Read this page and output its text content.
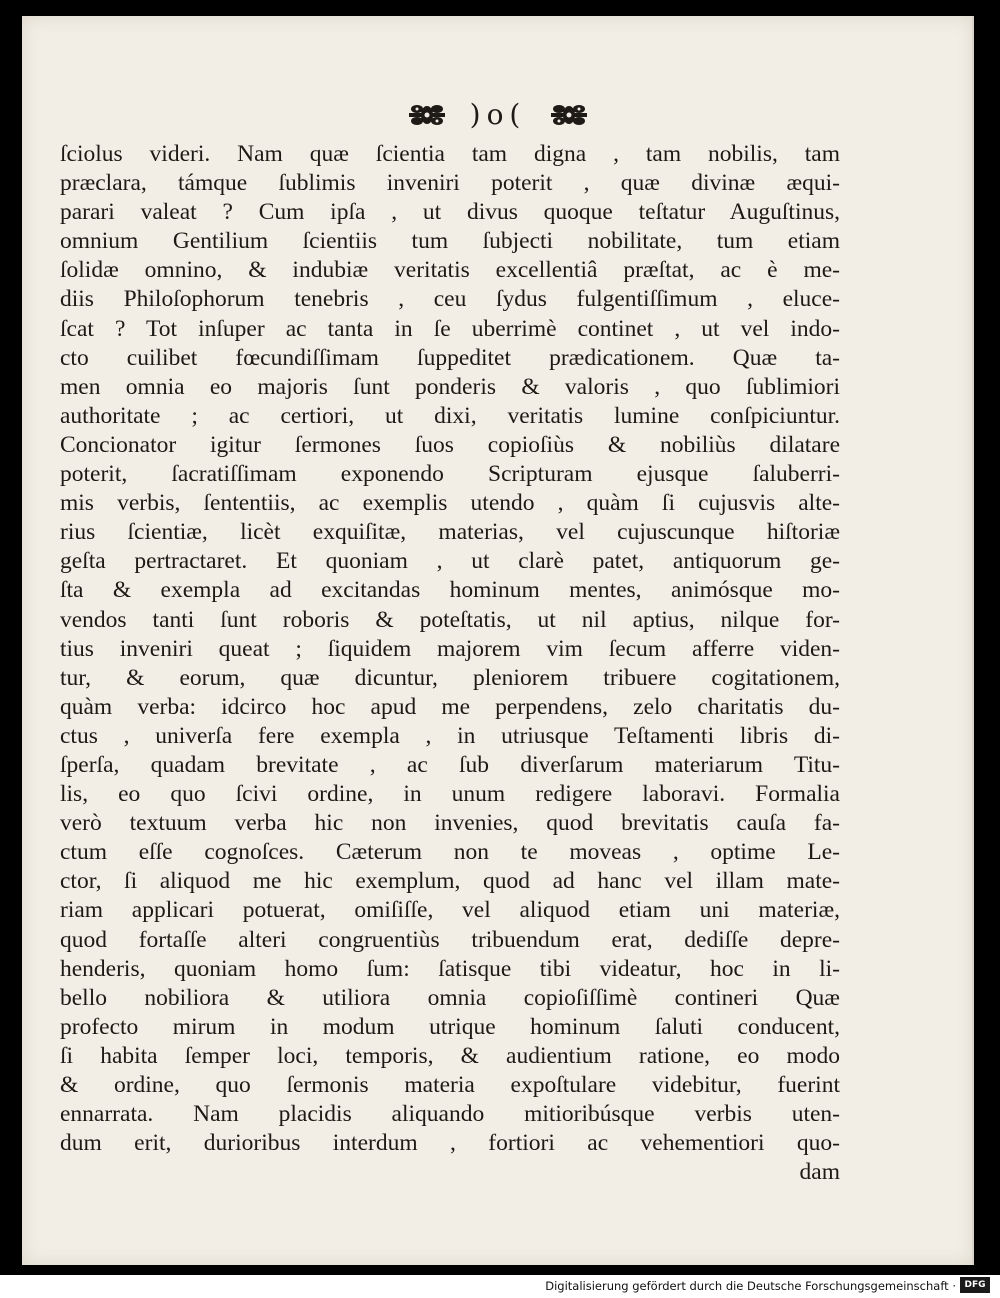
)o(
ſciolus videri. Nam quæ ſcientia tam digna , tam nobilis, tam
præclara, támque ſublimis inveniri poterit , quæ divinæ æqui-
parari valeat ? Cum ipſa , ut divus quoque teſtatur Auguſtinus,
omnium Gentilium ſcientiis tum ſubjecti nobilitate, tum etiam
ſolidæ omnino, & indubiæ veritatis excellentiâ præſtat, ac è me-
diis Philoſophorum tenebris , ceu ſydus fulgentiſſimum , eluce-
ſcat ? Tot inſuper ac tanta in ſe uberrimè continet , ut vel indo-
cto cuilibet fœcundiſſimam ſuppeditet prædicationem. Quæ ta-
men omnia eo majoris ſunt ponderis & valoris , quo ſublimiori
authoritate ; ac certiori, ut dixi, veritatis lumine conſpiciuntur.
Concionator igitur ſermones ſuos copioſiùs & nobiliùs dilatare
poterit, ſacratiſſimam exponendo Scripturam ejusque ſaluberri-
mis verbis, ſententiis, ac exemplis utendo , quàm ſi cujusvis alte-
rius ſcientiæ, licèt exquiſitæ, materias, vel cujuscunque hiſtoriæ
geſta pertractaret. Et quoniam , ut clarè patet, antiquorum ge-
ſta & exempla ad excitandas hominum mentes, animósque mo-
vendos tanti ſunt roboris & poteſtatis, ut nil aptius, nilque for-
tius inveniri queat ; ſiquidem majorem vim ſecum afferre viden-
tur, & eorum, quæ dicuntur, pleniorem tribuere cogitationem,
quàm verba: idcirco hoc apud me perpendens, zelo charitatis du-
ctus , univerſa fere exempla , in utriusque Teſtamenti libris di-
ſperſa, quadam brevitate , ac ſub diverſarum materiarum Titu-
lis, eo quo ſcivi ordine, in unum redigere laboravi. Formalia
verò textuum verba hic non invenies, quod brevitatis cauſa fa-
ctum eſſe cognoſces. Cæterum non te moveas , optime Le-
ctor, ſi aliquod me hic exemplum, quod ad hanc vel illam mate-
riam applicari potuerat, omiſiſſe, vel aliquod etiam uni materiæ,
quod fortaſſe alteri congruentiùs tribuendum erat, dediſſe depre-
henderis, quoniam homo ſum: ſatisque tibi videatur, hoc in li-
bello nobiliora & utiliora omnia copioſiſſimè contineri Quæ
profecto mirum in modum utrique hominum ſaluti conducent,
ſi habita ſemper loci, temporis, & audientium ratione, eo modo
& ordine, quo ſermonis materia expoſtulare videbitur, fuerint
ennarrata. Nam placidis aliquando mitioribúsque verbis uten-
dum erit, durioribus interdum , fortiori ac vehementiori quo-
dam
Digitalisierung gefördert durch die Deutsche Forschungsgemeinschaft · DFG
